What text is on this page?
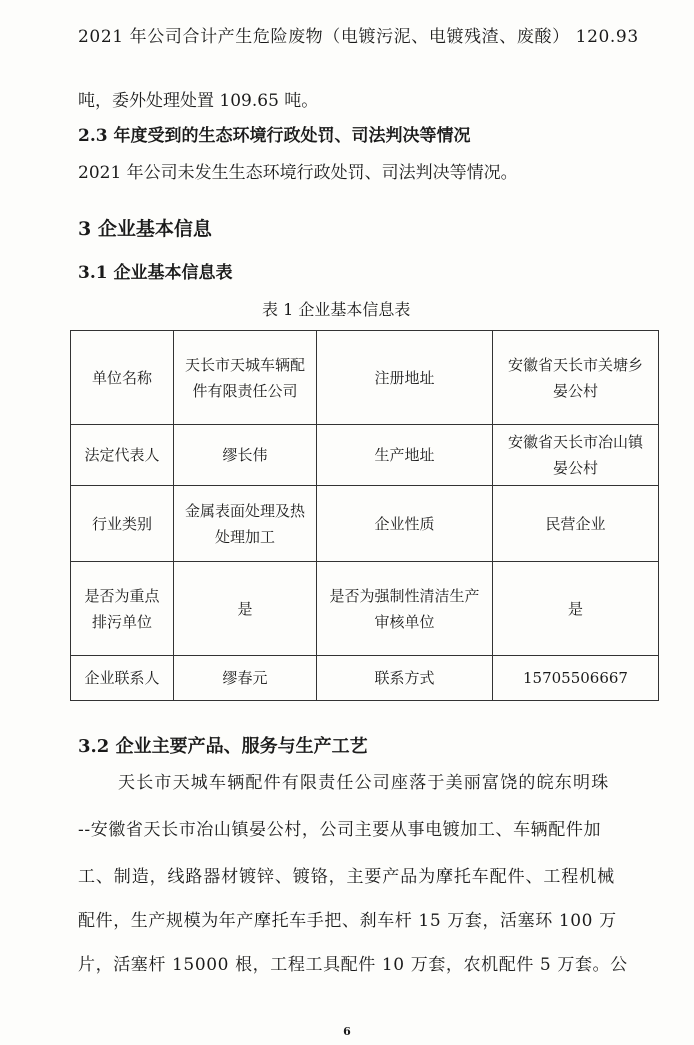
2021 年公司合计产生危险废物（电镀污泥、电镀残渣、废酸） 120.93
吨，委外处理处置 109.65 吨。
2.3 年度受到的生态环境行政处罚、司法判决等情况
2021 年公司未发生生态环境行政处罚、司法判决等情况。
3 企业基本信息
3.1 企业基本信息表
表 1 企业基本信息表
单位名称	天长市天城车辆配件有限责任公司	注册地址	安徽省天长市关塘乡晏公村
法定代表人	缪长伟	生产地址	安徽省天长市冶山镇晏公村
行业类别	金属表面处理及热处理加工	企业性质	民营企业
是否为重点排污单位	是	是否为强制性清洁生产审核单位	是
企业联系人	缪春元	联系方式	15705506667
3.2 企业主要产品、服务与生产工艺
天长市天城车辆配件有限责任公司座落于美丽富饶的皖东明珠
--安徽省天长市冶山镇晏公村，公司主要从事电镀加工、车辆配件加
工、制造，线路器材镀锌、镀铬，主要产品为摩托车配件、工程机械
配件，生产规模为年产摩托车手把、刹车杆 15 万套，活塞环 100 万
片，活塞杆 15000 根，工程工具配件 10 万套，农机配件 5 万套。公
6
